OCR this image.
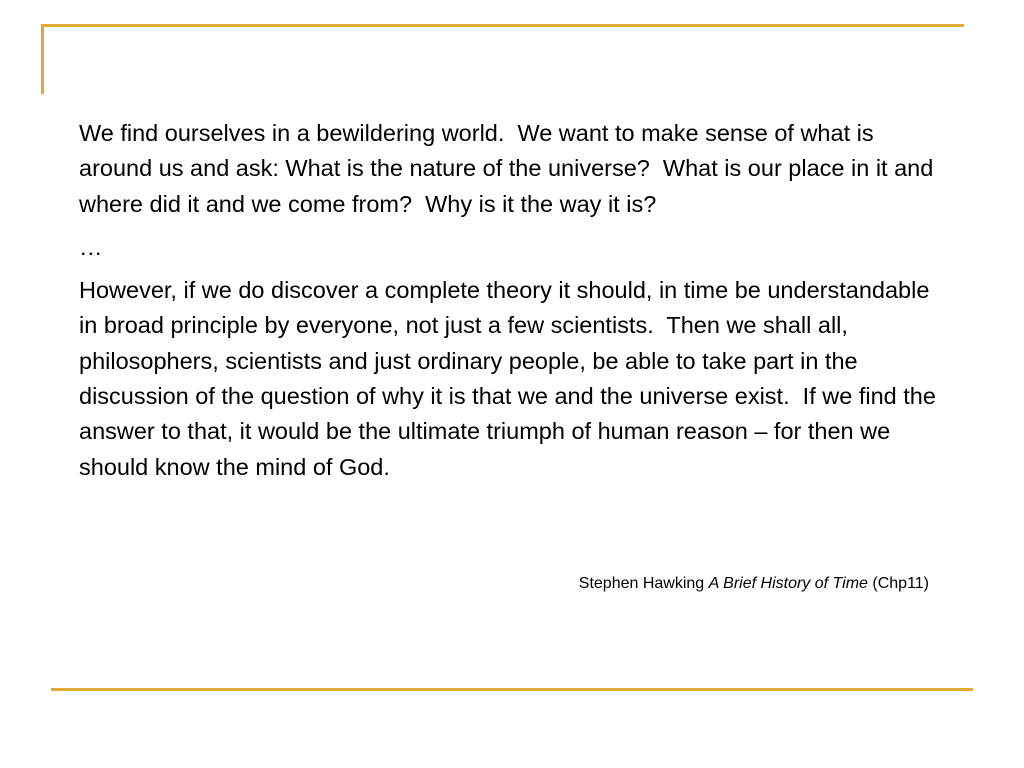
We find ourselves in a bewildering world.  We want to make sense of what is around us and ask: What is the nature of the universe?  What is our place in it and where did it and we come from?  Why is it the way it is?

…

However, if we do discover a complete theory it should, in time be understandable in broad principle by everyone, not just a few scientists.  Then we shall all, philosophers, scientists and just ordinary people, be able to take part in the discussion of the question of why it is that we and the universe exist.  If we find the answer to that, it would be the ultimate triumph of human reason – for then we should know the mind of God.

Stephen Hawking A Brief History of Time (Chp11)
